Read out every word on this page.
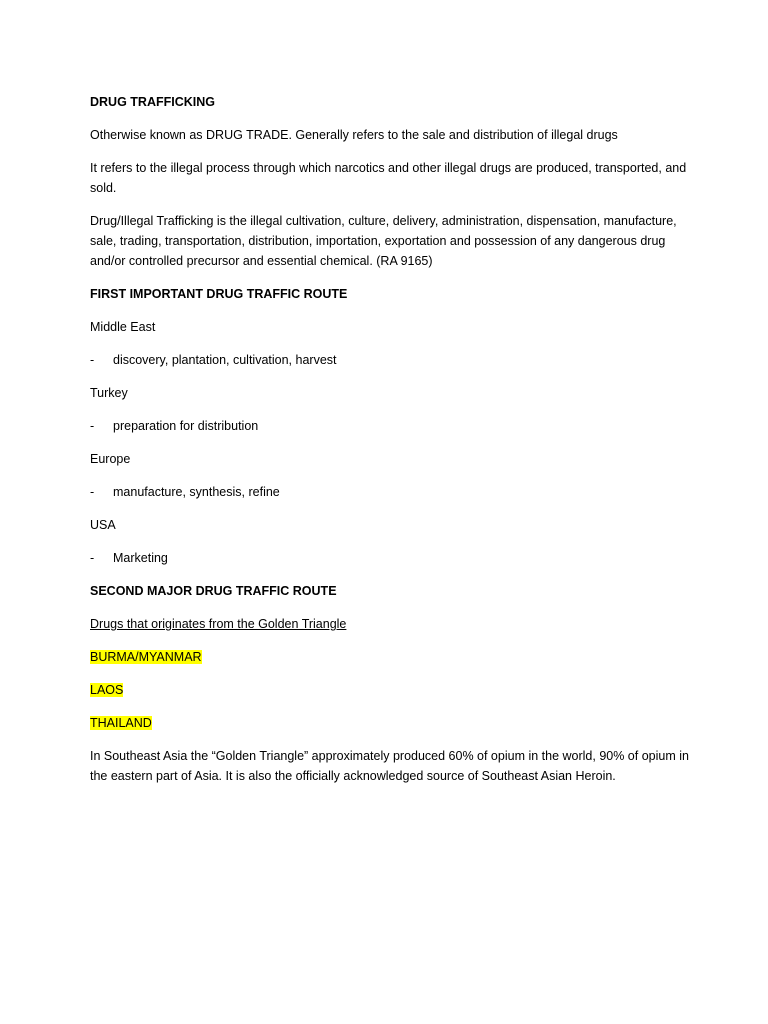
DRUG TRAFFICKING

Otherwise known as DRUG TRADE. Generally refers to the sale and distribution of illegal drugs

It refers to the illegal process through which narcotics and other illegal drugs are produced, transported, and sold.

Drug/Illegal Trafficking is the illegal cultivation, culture, delivery, administration, dispensation, manufacture, sale, trading, transportation, distribution, importation, exportation and possession of any dangerous drug and/or controlled precursor and essential chemical. (RA 9165)

FIRST IMPORTANT DRUG TRAFFIC ROUTE

Middle East

-	discovery, plantation, cultivation, harvest

Turkey

-	preparation for distribution

Europe

-	manufacture, synthesis, refine

USA

-	Marketing

SECOND MAJOR DRUG TRAFFIC ROUTE

Drugs that originates from the Golden Triangle

BURMA/MYANMAR

LAOS

THAILAND

In Southeast Asia the “Golden Triangle” approximately produced 60% of opium in the world, 90% of opium in the eastern part of Asia. It is also the officially acknowledged source of Southeast Asian Heroin.
